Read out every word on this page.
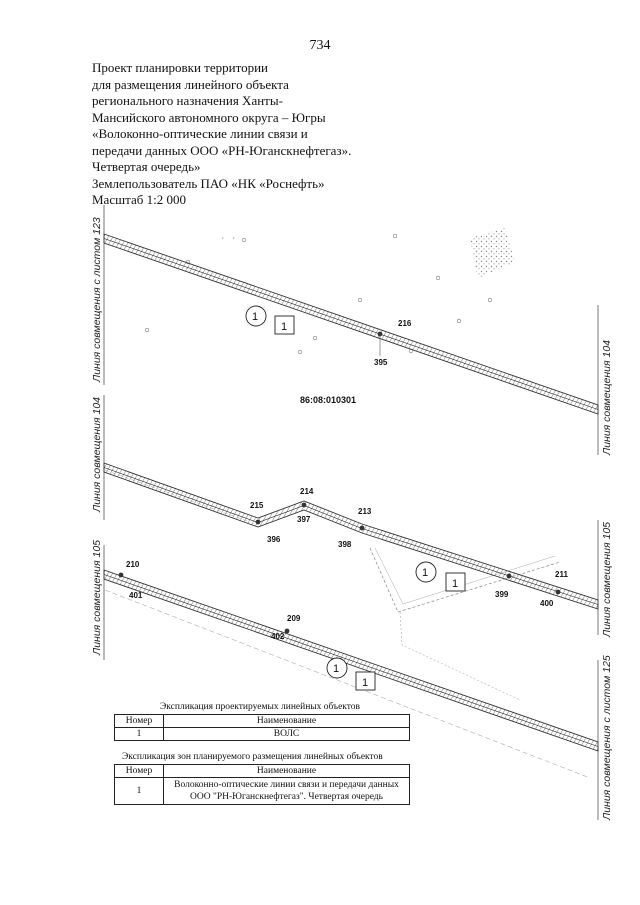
734
Проект планировки территории
для размещения линейного объекта
регионального назначения Ханты-
Мансийского автономного округа – Югры
«Волоконно-оптические линии связи и
передачи данных ООО «РН-Юганскнефтегаз».
Четвертая очередь»
Землепользователь ПАО «НК «Роснефть»
Масштаб 1:2 000
Линия совмещения с листом 123
Линия совмещения 104
Линия совмещения 104
Линия совмещения 105
Линия совмещения 105
Линия совмещения с листом 125
• •
216
395
1
1
86:08:010301
215
214
213
396
397
398
399
400
211
1
1
210
401
209
402
1
1
Экспликация проектируемых линейных объектов
Номер	Наименование
1	ВОЛС
Экспликация зон планируемого размещения линейных объектов
Номер	Наименование
1	Волоконно-оптические линии связи и передачи данных ООО "РН-Юганскнефтегаз". Четвертая очередь
